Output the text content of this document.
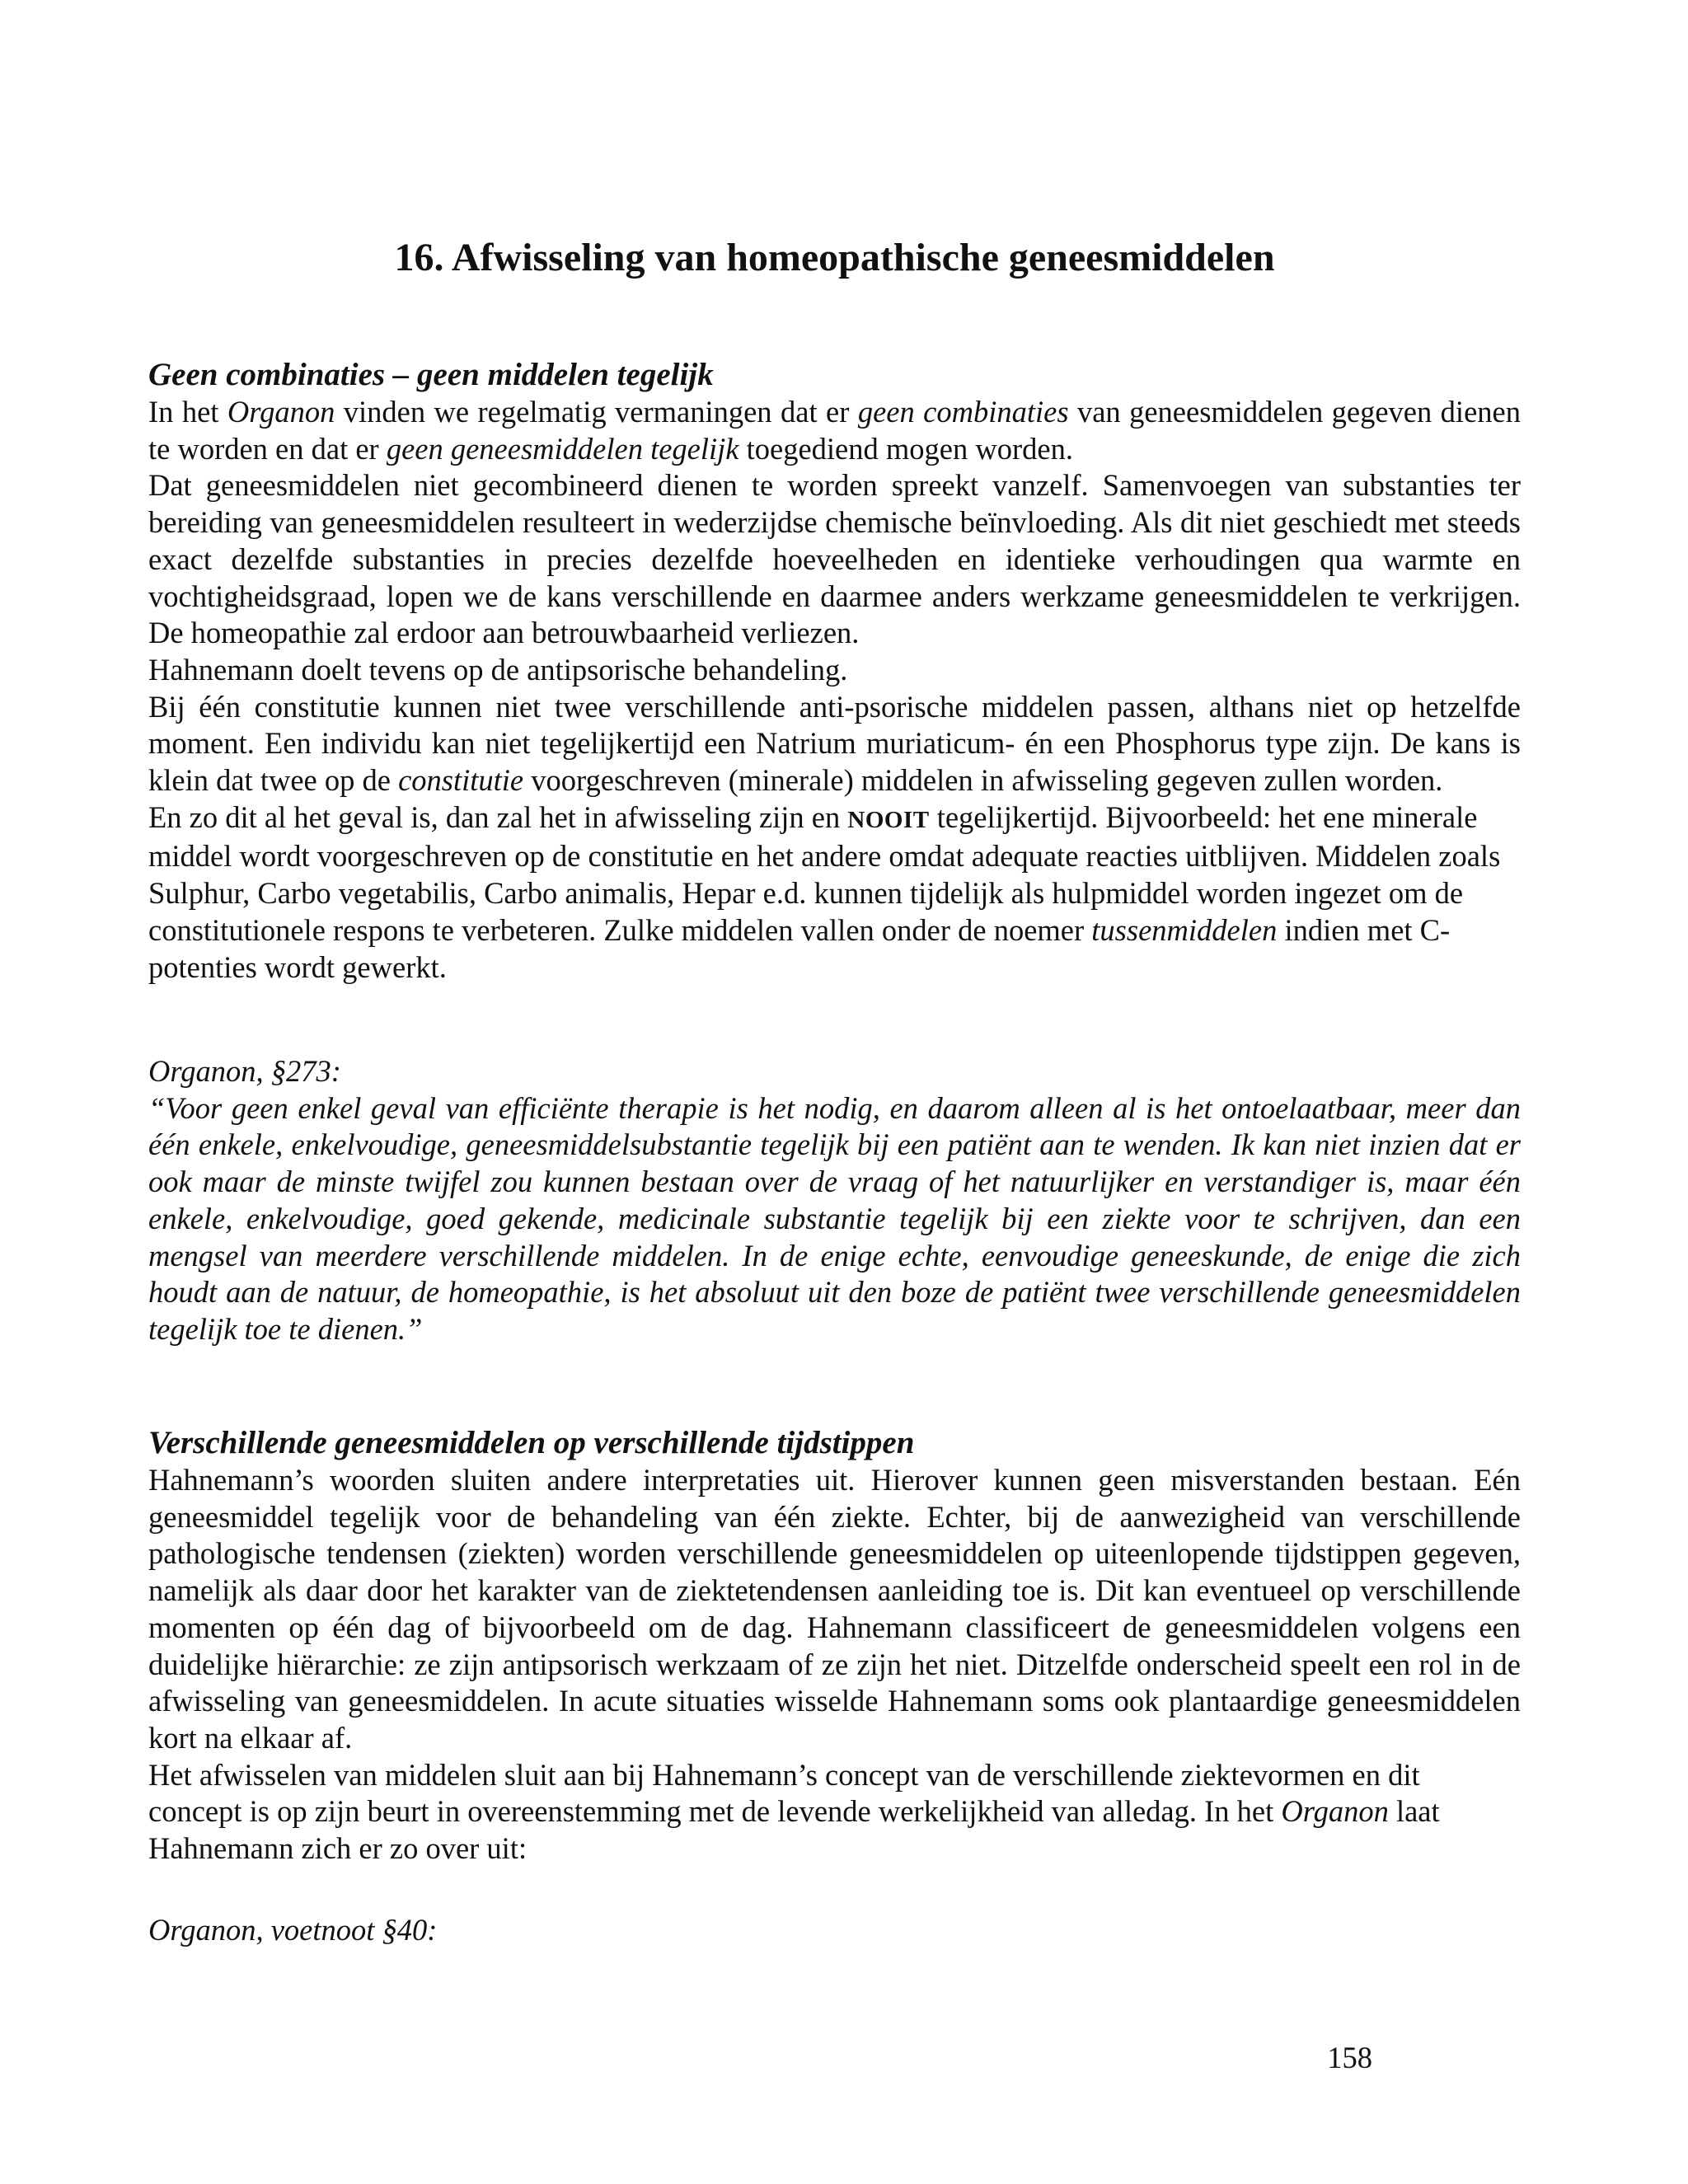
16. Afwisseling van homeopathische geneesmiddelen
Geen combinaties – geen middelen tegelijk

In het Organon vinden we regelmatig vermaningen dat er geen combinaties van geneesmiddelen gegeven dienen te worden en dat er geen geneesmiddelen tegelijk toegediend mogen worden.

Dat geneesmiddelen niet gecombineerd dienen te worden spreekt vanzelf. Samenvoegen van substanties ter bereiding van geneesmiddelen resulteert in wederzijdse chemische beïnvloeding. Als dit niet geschiedt met steeds exact dezelfde substanties in precies dezelfde hoeveelheden en identieke verhoudingen qua warmte en vochtigheidsgraad, lopen we de kans verschillende en daarmee anders werkzame geneesmiddelen te verkrijgen. De homeopathie zal erdoor aan betrouwbaarheid verliezen.

Hahnemann doelt tevens op de antipsorische behandeling.

Bij één constitutie kunnen niet twee verschillende anti-psorische middelen passen, althans niet op hetzelfde moment. Een individu kan niet tegelijkertijd een Natrium muriaticum- én een Phosphorus type zijn. De kans is klein dat twee op de constitutie voorgeschreven (minerale) middelen in afwisseling gegeven zullen worden.

En zo dit al het geval is, dan zal het in afwisseling zijn en NOOIT tegelijkertijd. Bijvoorbeeld: het ene minerale middel wordt voorgeschreven op de constitutie en het andere omdat adequate reacties uitblijven. Middelen zoals Sulphur, Carbo vegetabilis, Carbo animalis, Hepar e.d. kunnen tijdelijk als hulpmiddel worden ingezet om de constitutionele respons te verbeteren. Zulke middelen vallen onder de noemer tussenmiddelen indien met C-potenties wordt gewerkt.

Organon, §273:

“Voor geen enkel geval van efficiënte therapie is het nodig, en daarom alleen al is het ontoelaatbaar, meer dan één enkele, enkelvoudige, geneesmiddelsubstantie tegelijk bij een patiënt aan te wenden. Ik kan niet inzien dat er ook maar de minste twijfel zou kunnen bestaan over de vraag of het natuurlijker en verstandiger is, maar één enkele, enkelvoudige, goed gekende, medicinale substantie tegelijk bij een ziekte voor te schrijven, dan een mengsel van meerdere verschillende middelen. In de enige echte, eenvoudige geneeskunde, de enige die zich houdt aan de natuur, de homeopathie, is het absoluut uit den boze de patiënt twee verschillende geneesmiddelen tegelijk toe te dienen.”

Verschillende geneesmiddelen op verschillende tijdstippen

Hahnemann’s woorden sluiten andere interpretaties uit. Hierover kunnen geen misverstanden bestaan. Eén geneesmiddel tegelijk voor de behandeling van één ziekte. Echter, bij de aanwezigheid van verschillende pathologische tendensen (ziekten) worden verschillende geneesmiddelen op uiteenlopende tijdstippen gegeven, namelijk als daar door het karakter van de ziektetendensen aanleiding toe is. Dit kan eventueel op verschillende momenten op één dag of bijvoorbeeld om de dag. Hahnemann classificeert de geneesmiddelen volgens een duidelijke hiërarchie: ze zijn antipsorisch werkzaam of ze zijn het niet. Ditzelfde onderscheid speelt een rol in de afwisseling van geneesmiddelen. In acute situaties wisselde Hahnemann soms ook plantaardige geneesmiddelen kort na elkaar af.

Het afwisselen van middelen sluit aan bij Hahnemann’s concept van de verschillende ziektevormen en dit concept is op zijn beurt in overeenstemming met de levende werkelijkheid van alledag. In het Organon laat Hahnemann zich er zo over uit:

Organon, voetnoot §40:

158
